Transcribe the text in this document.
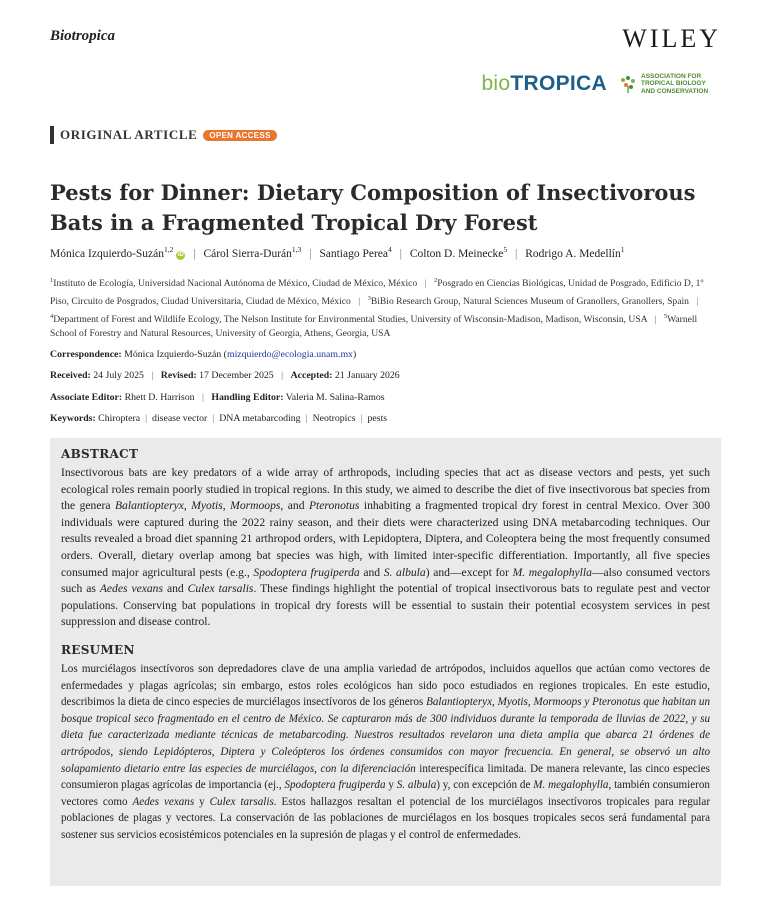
Biotropica	WILEY
bioTROPICA	ASSOCIATION FOR TROPICAL BIOLOGY AND CONSERVATION
ORIGINAL ARTICLE	OPEN ACCESS
Pests for Dinner: Dietary Composition of Insectivorous Bats in a Fragmented Tropical Dry Forest
Mónica Izquierdo-Suzán$^{1,2}$iD | Cárol Sierra-Durán$^{1,3}$ | Santiago Perea$^4$ | Colton D. Meinecke$^5$ | Rodrigo A. Medellín$^1$
$^1$Instituto de Ecología, Universidad Nacional Autónoma de México, Ciudad de México, México | $^2$Posgrado en Ciencias Biológicas, Unidad de Posgrado, Edificio D, 1º Piso, Circuito de Posgrados, Ciudad Universitaria, Ciudad de México, México | $^3$BiBio Research Group, Natural Sciences Museum of Granollers, Granollers, Spain | $^4$Department of Forest and Wildlife Ecology, The Nelson Institute for Environmental Studies, University of Wisconsin-Madison, Madison, Wisconsin, USA | $^5$Warnell School of Forestry and Natural Resources, University of Georgia, Athens, Georgia, USA
Correspondence: Mónica Izquierdo-Suzán (mizquierdo@ecologia.unam.mx)
Received: 24 July 2025 | Revised: 17 December 2025 | Accepted: 21 January 2026
Associate Editor: Rhett D. Harrison | Handling Editor: Valeria M. Salina-Ramos
Keywords: Chiroptera | disease vector | DNA metabarcoding | Neotropics | pests
ABSTRACT

Insectivorous bats are key predators of a wide array of arthropods, including species that act as disease vectors and pests, yet such ecological roles remain poorly studied in tropical regions. In this study, we aimed to describe the diet of five insectivorous bat species from the genera Balantiopteryx, Myotis, Mormoops, and Pteronotus inhabiting a fragmented tropical dry forest in central Mexico. Over 300 individuals were captured during the 2022 rainy season, and their diets were characterized using DNA metabarcoding techniques. Our results revealed a broad diet spanning 21 arthropod orders, with Lepidoptera, Diptera, and Coleoptera being the most frequently consumed orders. Overall, dietary overlap among bat species was high, with limited inter-specific differentiation. Importantly, all five species consumed major agricultural pests (e.g., Spodoptera frugiperda and S. albula) and—except for M. megalophylla—also consumed vectors such as Aedes vexans and Culex tarsalis. These findings highlight the potential of tropical insectivorous bats to regulate pest and vector populations. Conserving bat populations in tropical dry forests will be essential to sustain their potential ecosystem services in pest suppression and disease control.

RESUMEN

Los murciélagos insectívoros son depredadores clave de una amplia variedad de artrópodos, incluidos aquellos que actúan como vectores de enfermedades y plagas agrícolas; sin embargo, estos roles ecológicos han sido poco estudiados en regiones tropicales. En este estudio, describimos la dieta de cinco especies de murciélagos insectívoros de los géneros Balantiopteryx, Myotis, Mormoops y Pteronotus que habitan un bosque tropical seco fragmentado en el centro de México. Se capturaron más de 300 individuos durante la temporada de lluvias de 2022, y su dieta fue caracterizada mediante técnicas de metabarcoding. Nuestros resultados revelaron una dieta amplia que abarca 21 órdenes de artrópodos, siendo Lepidópteros, Diptera y Coleópteros los órdenes consumidos con mayor frecuencia. En general, se observó un alto solapamiento dietario entre las especies de murciélagos, con la diferenciación interespecífica limitada. De manera relevante, las cinco especies consumieron plagas agrícolas de importancia (ej., Spodoptera frugiperda y S. albula) y, con excepción de M. megalophylla, también consumieron vectores como Aedes vexans y Culex tarsalis. Estos hallazgos resaltan el potencial de los murciélagos insectívoros tropicales para regular poblaciones de plagas y vectores. La conservación de las poblaciones de murciélagos en los bosques tropicales secos será fundamental para sostener sus servicios ecosistémicos potenciales en la supresión de plagas y el control de enfermedades.
